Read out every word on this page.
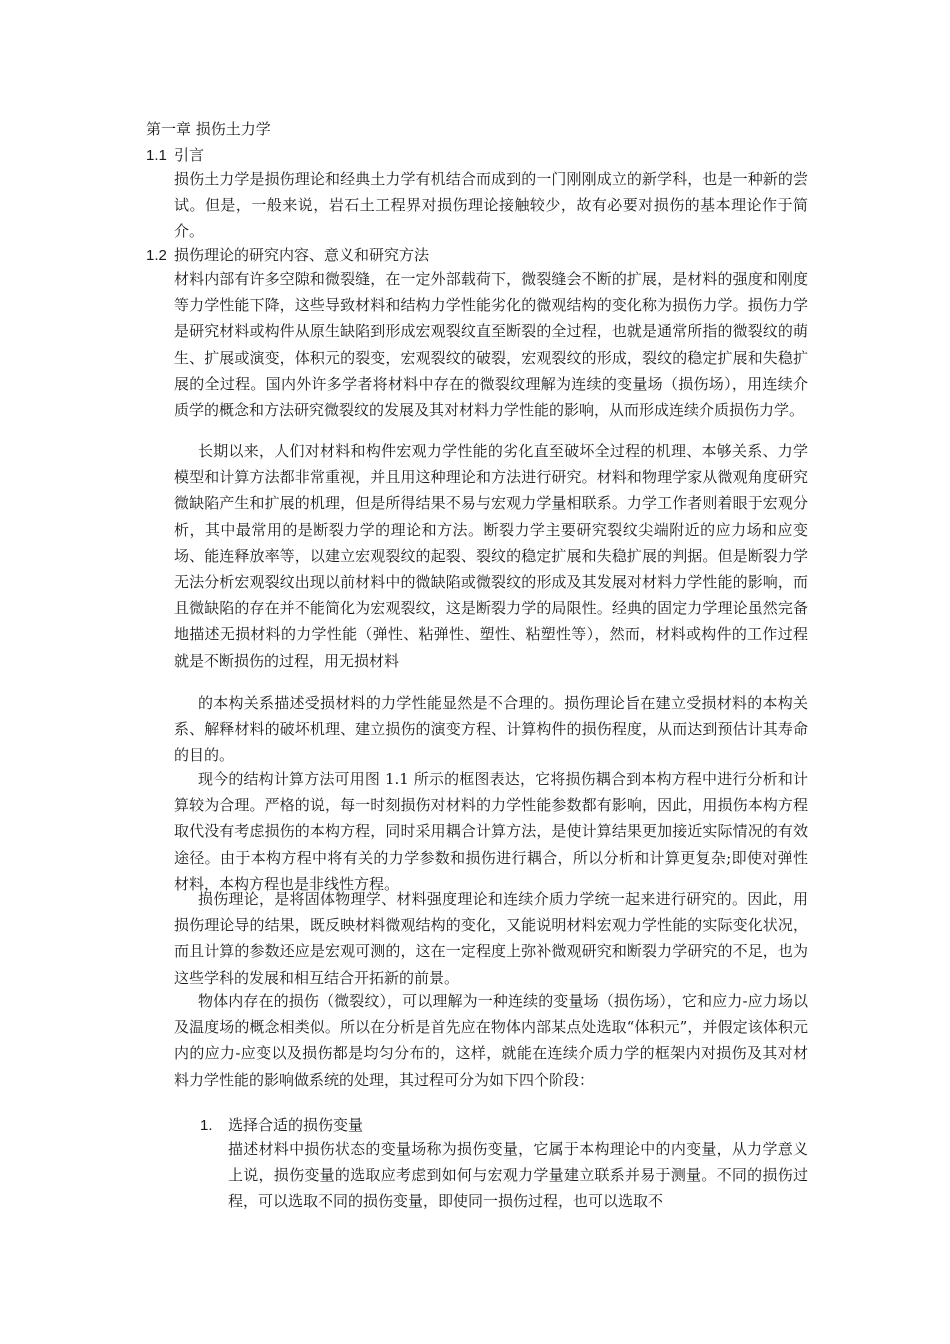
第一章 损伤土力学
1.1 引言

损伤土力学是损伤理论和经典土力学有机结合而成到的一门刚刚成立的新学科，也是一种新的尝试。但是，一般来说，岩石土工程界对损伤理论接触较少，故有必要对损伤的基本理论作于简介。

1.2 损伤理论的研究内容、意义和研究方法

材料内部有许多空隙和微裂缝，在一定外部载荷下，微裂缝会不断的扩展，是材料的强度和刚度等力学性能下降，这些导致材料和结构力学性能劣化的微观结构的变化称为损伤力学。损伤力学是研究材料或构件从原生缺陷到形成宏观裂纹直至断裂的全过程，也就是通常所指的微裂纹的萌生、扩展或演变，体积元的裂变，宏观裂纹的破裂，宏观裂纹的形成，裂纹的稳定扩展和失稳扩展的全过程。国内外许多学者将材料中存在的微裂纹理解为连续的变量场（损伤场），用连续介质学的概念和方法研究微裂纹的发展及其对材料力学性能的影响，从而形成连续介质损伤力学。

长期以来，人们对材料和构件宏观力学性能的劣化直至破坏全过程的机理、本够关系、力学模型和计算方法都非常重视，并且用这种理论和方法进行研究。材料和物理学家从微观角度研究微缺陷产生和扩展的机理，但是所得结果不易与宏观力学量相联系。力学工作者则着眼于宏观分析，其中最常用的是断裂力学的理论和方法。断裂力学主要研究裂纹尖端附近的应力场和应变场、能连释放率等，以建立宏观裂纹的起裂、裂纹的稳定扩展和失稳扩展的判据。但是断裂力学无法分析宏观裂纹出现以前材料中的微缺陷或微裂纹的形成及其发展对材料力学性能的影响，而且微缺陷的存在并不能简化为宏观裂纹，这是断裂力学的局限性。经典的固定力学理论虽然完备地描述无损材料的力学性能（弹性、粘弹性、塑性、粘塑性等），然而，材料或构件的工作过程就是不断损伤的过程，用无损材料

的本构关系描述受损材料的力学性能显然是不合理的。损伤理论旨在建立受损材料的本构关系、解释材料的破坏机理、建立损伤的演变方程、计算构件的损伤程度，从而达到预估计其寿命的目的。

现今的结构计算方法可用图 1.1 所示的框图表达，它将损伤耦合到本构方程中进行分析和计算较为合理。严格的说，每一时刻损伤对材料的力学性能参数都有影响，因此，用损伤本构方程取代没有考虑损伤的本构方程，同时采用耦合计算方法，是使计算结果更加接近实际情况的有效途径。由于本构方程中将有关的力学参数和损伤进行耦合，所以分析和计算更复杂;即使对弹性材料，本构方程也是非线性方程。

损伤理论，是将固体物理学、材料强度理论和连续介质力学统一起来进行研究的。因此，用损伤理论导的结果，既反映材料微观结构的变化，又能说明材料宏观力学性能的实际变化状况，而且计算的参数还应是宏观可测的，这在一定程度上弥补微观研究和断裂力学研究的不足，也为这些学科的发展和相互结合开拓新的前景。

物体内存在的损伤（微裂纹），可以理解为一种连续的变量场（损伤场），它和应力-应力场以及温度场的概念相类似。所以在分析是首先应在物体内部某点处选取“体积元”，并假定该体积元内的应力-应变以及损伤都是均匀分布的，这样，就能在连续介质力学的框架内对损伤及其对材料力学性能的影响做系统的处理，其过程可分为如下四个阶段：

1. 选择合适的损伤变量

描述材料中损伤状态的变量场称为损伤变量，它属于本构理论中的内变量，从力学意义上说，损伤变量的选取应考虑到如何与宏观力学量建立联系并易于测量。不同的损伤过程，可以选取不同的损伤变量，即使同一损伤过程，也可以选取不
